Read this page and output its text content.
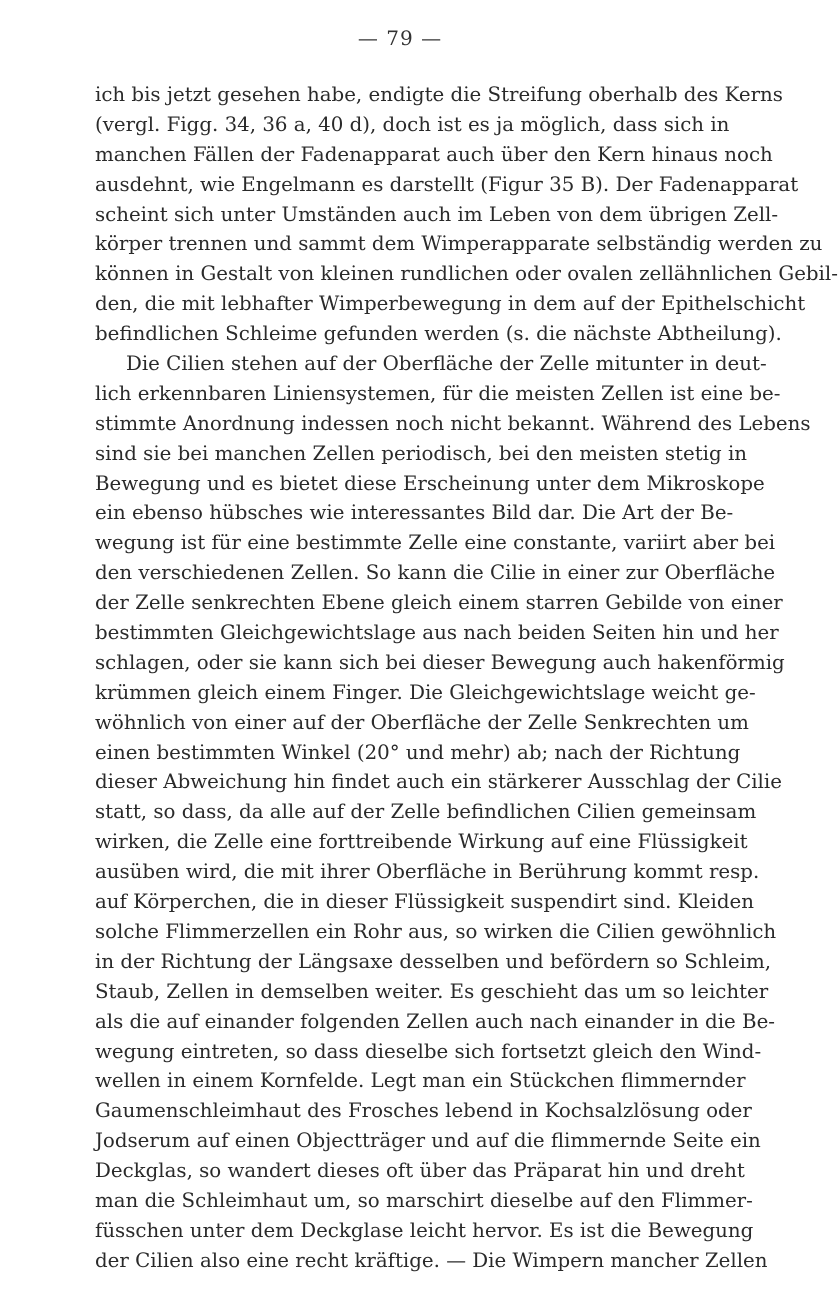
— 79 —
ich bis jetzt gesehen habe, endigte die Streifung oberhalb des Kerns
(vergl. Figg. 34, 36 a, 40 d), doch ist es ja möglich, dass sich in
manchen Fällen der Fadenapparat auch über den Kern hinaus noch
ausdehnt, wie Engelmann es darstellt (Figur 35 B). Der Fadenapparat
scheint sich unter Umständen auch im Leben von dem übrigen Zell-
körper trennen und sammt dem Wimperapparate selbständig werden zu
können in Gestalt von kleinen rundlichen oder ovalen zellähnlichen Gebil-
den, die mit lebhafter Wimperbewegung in dem auf der Epithelschicht
befindlichen Schleime gefunden werden (s. die nächste Abtheilung).
Die Cilien stehen auf der Oberfläche der Zelle mitunter in deut-
lich erkennbaren Liniensystemen, für die meisten Zellen ist eine be-
stimmte Anordnung indessen noch nicht bekannt. Während des Lebens
sind sie bei manchen Zellen periodisch, bei den meisten stetig in
Bewegung und es bietet diese Erscheinung unter dem Mikroskope
ein ebenso hübsches wie interessantes Bild dar. Die Art der Be-
wegung ist für eine bestimmte Zelle eine constante, variirt aber bei
den verschiedenen Zellen. So kann die Cilie in einer zur Oberfläche
der Zelle senkrechten Ebene gleich einem starren Gebilde von einer
bestimmten Gleichgewichtslage aus nach beiden Seiten hin und her
schlagen, oder sie kann sich bei dieser Bewegung auch hakenförmig
krümmen gleich einem Finger. Die Gleichgewichtslage weicht ge-
wöhnlich von einer auf der Oberfläche der Zelle Senkrechten um
einen bestimmten Winkel (20° und mehr) ab; nach der Richtung
dieser Abweichung hin findet auch ein stärkerer Ausschlag der Cilie
statt, so dass, da alle auf der Zelle befindlichen Cilien gemeinsam
wirken, die Zelle eine forttreibende Wirkung auf eine Flüssigkeit
ausüben wird, die mit ihrer Oberfläche in Berührung kommt resp.
auf Körperchen, die in dieser Flüssigkeit suspendirt sind. Kleiden
solche Flimmerzellen ein Rohr aus, so wirken die Cilien gewöhnlich
in der Richtung der Längsaxe desselben und befördern so Schleim,
Staub, Zellen in demselben weiter. Es geschieht das um so leichter
als die auf einander folgenden Zellen auch nach einander in die Be-
wegung eintreten, so dass dieselbe sich fortsetzt gleich den Wind-
wellen in einem Kornfelde. Legt man ein Stückchen flimmernder
Gaumenschleimhaut des Frosches lebend in Kochsalzlösung oder
Jodserum auf einen Objectträger und auf die flimmernde Seite ein
Deckglas, so wandert dieses oft über das Präparat hin und dreht
man die Schleimhaut um, so marschirt dieselbe auf den Flimmer-
füsschen unter dem Deckglase leicht hervor. Es ist die Bewegung
der Cilien also eine recht kräftige. — Die Wimpern mancher Zellen
